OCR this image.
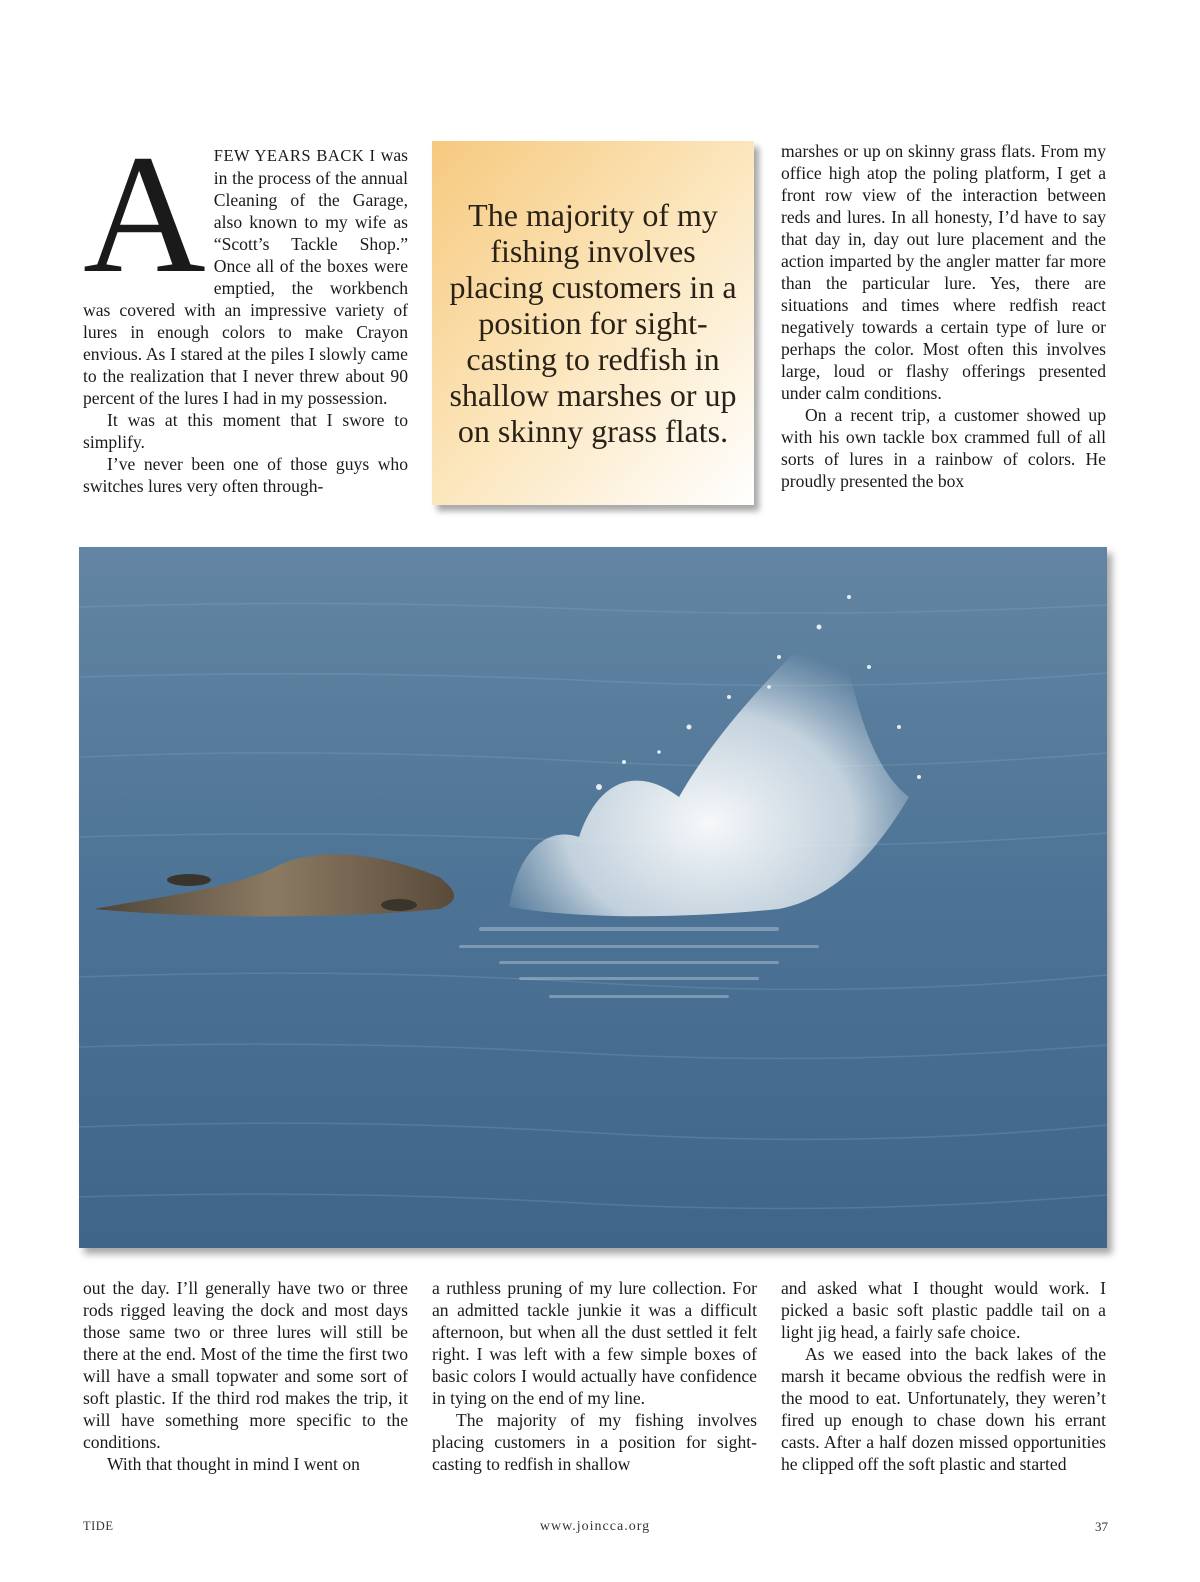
AFEW YEARS BACK I was in the process of the annual Cleaning of the Garage, also known to my wife as “Scott’s Tackle Shop.” Once all of the boxes were emptied, the workbench was covered with an impressive variety of lures in enough colors to make Crayon envious. As I stared at the piles I slowly came to the realization that I never threw about 90 percent of the lures I had in my possession.

It was at this moment that I swore to simplify.

I’ve never been one of those guys who switches lures very often through-

The majority of my fishing involves placing customers in a position for sight-casting to redfish in shallow marshes or up on skinny grass flats.

marshes or up on skinny grass flats. From my office high atop the poling platform, I get a front row view of the interaction between reds and lures. In all honesty, I’d have to say that day in, day out lure placement and the action imparted by the angler matter far more than the particular lure. Yes, there are situations and times where redfish react negatively towards a certain type of lure or perhaps the color. Most often this involves large, loud or flashy offerings presented under calm conditions.

On a recent trip, a customer showed up with his own tackle box crammed full of all sorts of lures in a rainbow of colors. He proudly presented the box

out the day. I’ll generally have two or three rods rigged leaving the dock and most days those same two or three lures will still be there at the end. Most of the time the first two will have a small topwater and some sort of soft plastic. If the third rod makes the trip, it will have something more specific to the conditions.

With that thought in mind I went on

a ruthless pruning of my lure collection. For an admitted tackle junkie it was a difficult afternoon, but when all the dust settled it felt right. I was left with a few simple boxes of basic colors I would actually have confidence in tying on the end of my line.

The majority of my fishing involves placing customers in a position for sight-casting to redfish in shallow

and asked what I thought would work. I picked a basic soft plastic paddle tail on a light jig head, a fairly safe choice.

As we eased into the back lakes of the marsh it became obvious the redfish were in the mood to eat. Unfortunately, they weren’t fired up enough to chase down his errant casts. After a half dozen missed opportunities he clipped off the soft plastic and started

TIDE	www.joincca.org	37
